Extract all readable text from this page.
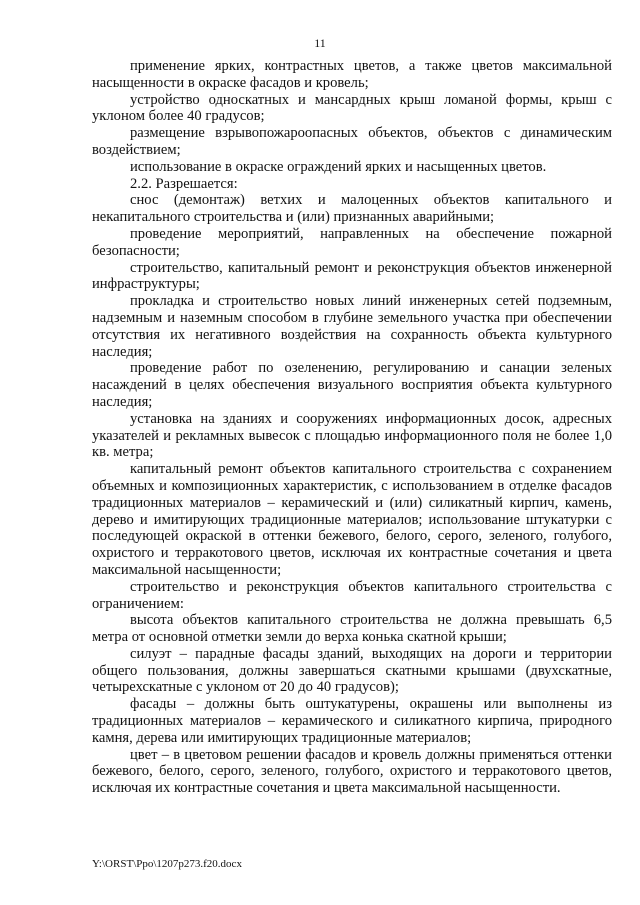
11

применение ярких, контрастных цветов, а также цветов максимальной насыщенности в окраске фасадов и кровель;

устройство односкатных и мансардных крыш ломаной формы, крыш с уклоном более 40 градусов;

размещение взрывопожароопасных объектов, объектов с динамическим воздействием;

использование в окраске ограждений ярких и насыщенных цветов.

2.2. Разрешается:

снос (демонтаж) ветхих и малоценных объектов капитального и некапитального строительства и (или) признанных аварийными;

проведение мероприятий, направленных на обеспечение пожарной безопасности;

строительство, капитальный ремонт и реконструкция объектов инженерной инфраструктуры;

прокладка и строительство новых линий инженерных сетей подземным, надземным и наземным способом в глубине земельного участка при обеспечении отсутствия их негативного воздействия на сохранность объекта культурного наследия;

проведение работ по озеленению, регулированию и санации зеленых насаждений в целях обеспечения визуального восприятия объекта культурного наследия;

установка на зданиях и сооружениях информационных досок, адресных указателей и рекламных вывесок с площадью информационного поля не более 1,0 кв. метра;

капитальный ремонт объектов капитального строительства с сохранением объемных и композиционных характеристик, с использованием в отделке фасадов традиционных материалов – керамический и (или) силикатный кирпич, камень, дерево и имитирующих традиционные материалов; использование штукатурки с последующей окраской в оттенки бежевого, белого, серого, зеленого, голубого, охристого и терракотового цветов, исключая их контрастные сочетания и цвета максимальной насыщенности;

строительство и реконструкция объектов капитального строительства с ограничением:

высота объектов капитального строительства не должна превышать 6,5 метра от основной отметки земли до верха конька скатной крыши;

силуэт – парадные фасады зданий, выходящих на дороги и территории общего пользования, должны завершаться скатными крышами (двухскатные, четырехскатные с уклоном от 20 до 40 градусов);

фасады – должны быть оштукатурены, окрашены или выполнены из традиционных материалов – керамического и силикатного кирпича, природного камня, дерева или имитирующих традиционные материалов;

цвет – в цветовом решении фасадов и кровель должны применяться оттенки бежевого, белого, серого, зеленого, голубого, охристого и терракотового цветов, исключая их контрастные сочетания и цвета максимальной насыщенности.

Y:\ORST\Ppo\1207p273.f20.docx
